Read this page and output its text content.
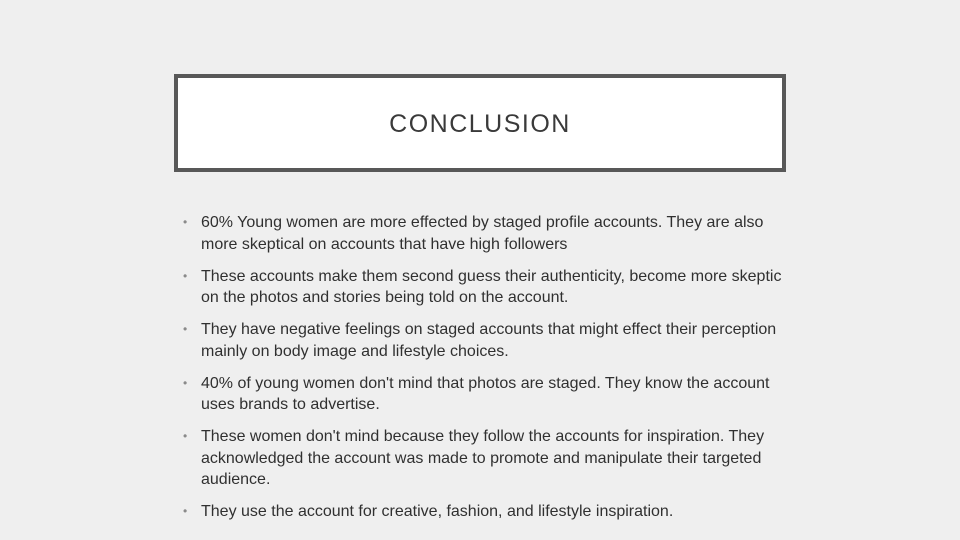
CONCLUSION
• 60% Young women are more effected by staged profile accounts. They are also more skeptical on accounts that have high followers
• These accounts make them second guess their authenticity, become more skeptic on the photos and stories being told on the account.
• They have negative feelings on staged accounts that might effect their perception mainly on body image and lifestyle choices.
• 40% of young women don't mind that photos are staged. They know the account uses brands to advertise.
• These women don't mind because they follow the accounts for inspiration. They acknowledged the account was made to promote and manipulate their targeted audience.
• They use the account for creative, fashion, and lifestyle inspiration.
